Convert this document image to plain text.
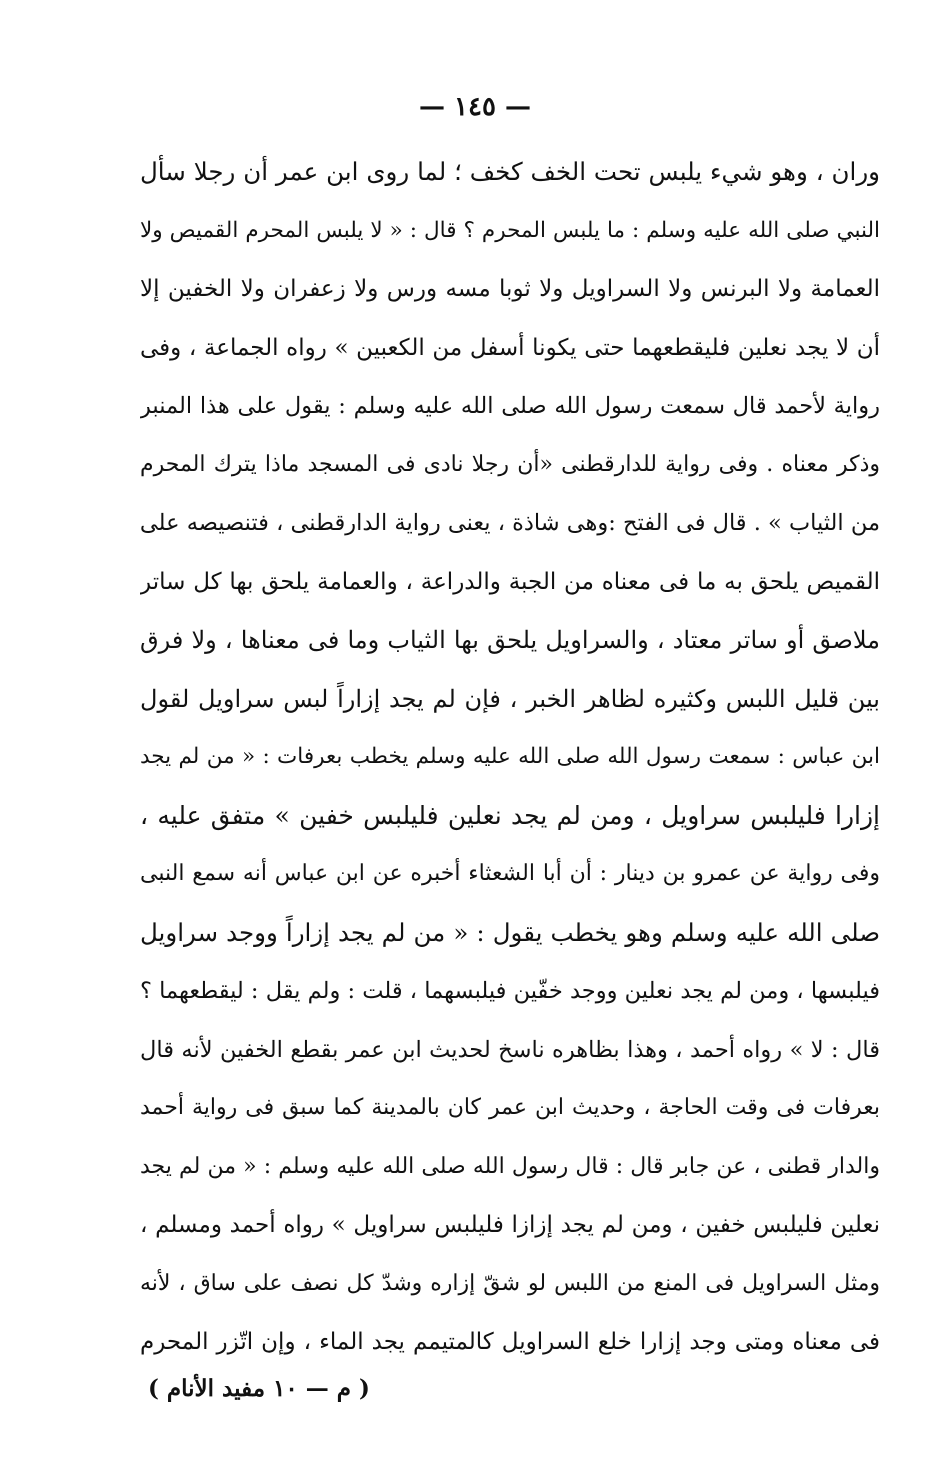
— ١٤٥ —
وران ، وهو شيء يلبس تحت الخف كخف ؛ لما روى ابن عمر أن رجلا سأل
النبي صلى الله عليه وسلم : ما يلبس المحرم ؟ قال : « لا يلبس المحرم القميص ولا
العمامة ولا البرنس ولا السراويل ولا ثوبا مسه ورس ولا زعفران ولا الخفين إلا
أن لا يجد نعلين فليقطعهما حتى يكونا أسفل من الكعبين » رواه الجماعة ، وفى
رواية لأحمد قال سمعت رسول الله صلى الله عليه وسلم : يقول على هذا المنبر
وذكر معناه . وفى رواية للدارقطنى «أن رجلا نادى فى المسجد ماذا يترك المحرم
من الثياب » . قال فى الفتح :وهى شاذة ، يعنى رواية الدارقطنى ، فتنصيصه على
القميص يلحق به ما فى معناه من الجبة والدراعة ، والعمامة يلحق بها كل ساتر
ملاصق أو ساتر معتاد ، والسراويل يلحق بها الثياب وما فى معناها ، ولا فرق
بين قليل اللبس وكثيره لظاهر الخبر ، فإن لم يجد إزاراً لبس سراويل لقول
ابن عباس : سمعت رسول الله صلى الله عليه وسلم يخطب بعرفات : « من لم يجد
إزارا فليلبس سراويل ، ومن لم يجد نعلين فليلبس خفين » متفق عليه ،
وفى رواية عن عمرو بن دينار : أن أبا الشعثاء أخبره عن ابن عباس أنه سمع النبى
صلى الله عليه وسلم وهو يخطب يقول : « من لم يجد إزاراً ووجد سراويل
فيلبسها ، ومن لم يجد نعلين ووجد خفّين فيلبسهما ، قلت : ولم يقل : ليقطعهما ؟
قال : لا » رواه أحمد ، وهذا بظاهره ناسخ لحديث ابن عمر بقطع الخفين لأنه قال
بعرفات فى وقت الحاجة ، وحديث ابن عمر كان بالمدينة كما سبق فى رواية أحمد
والدار قطنى ، عن جابر قال : قال رسول الله صلى الله عليه وسلم : « من لم يجد
نعلين فليلبس خفين ، ومن لم يجد إزازا فليلبس سراويل » رواه أحمد ومسلم ،
ومثل السراويل فى المنع من اللبس لو شقّ إزاره وشدّ كل نصف على ساق ، لأنه
فى معناه ومتى وجد إزارا خلع السراويل كالمتيمم يجد الماء ، وإن اتّزر المحرم
( م — ١٠ مفيد الأنام )
